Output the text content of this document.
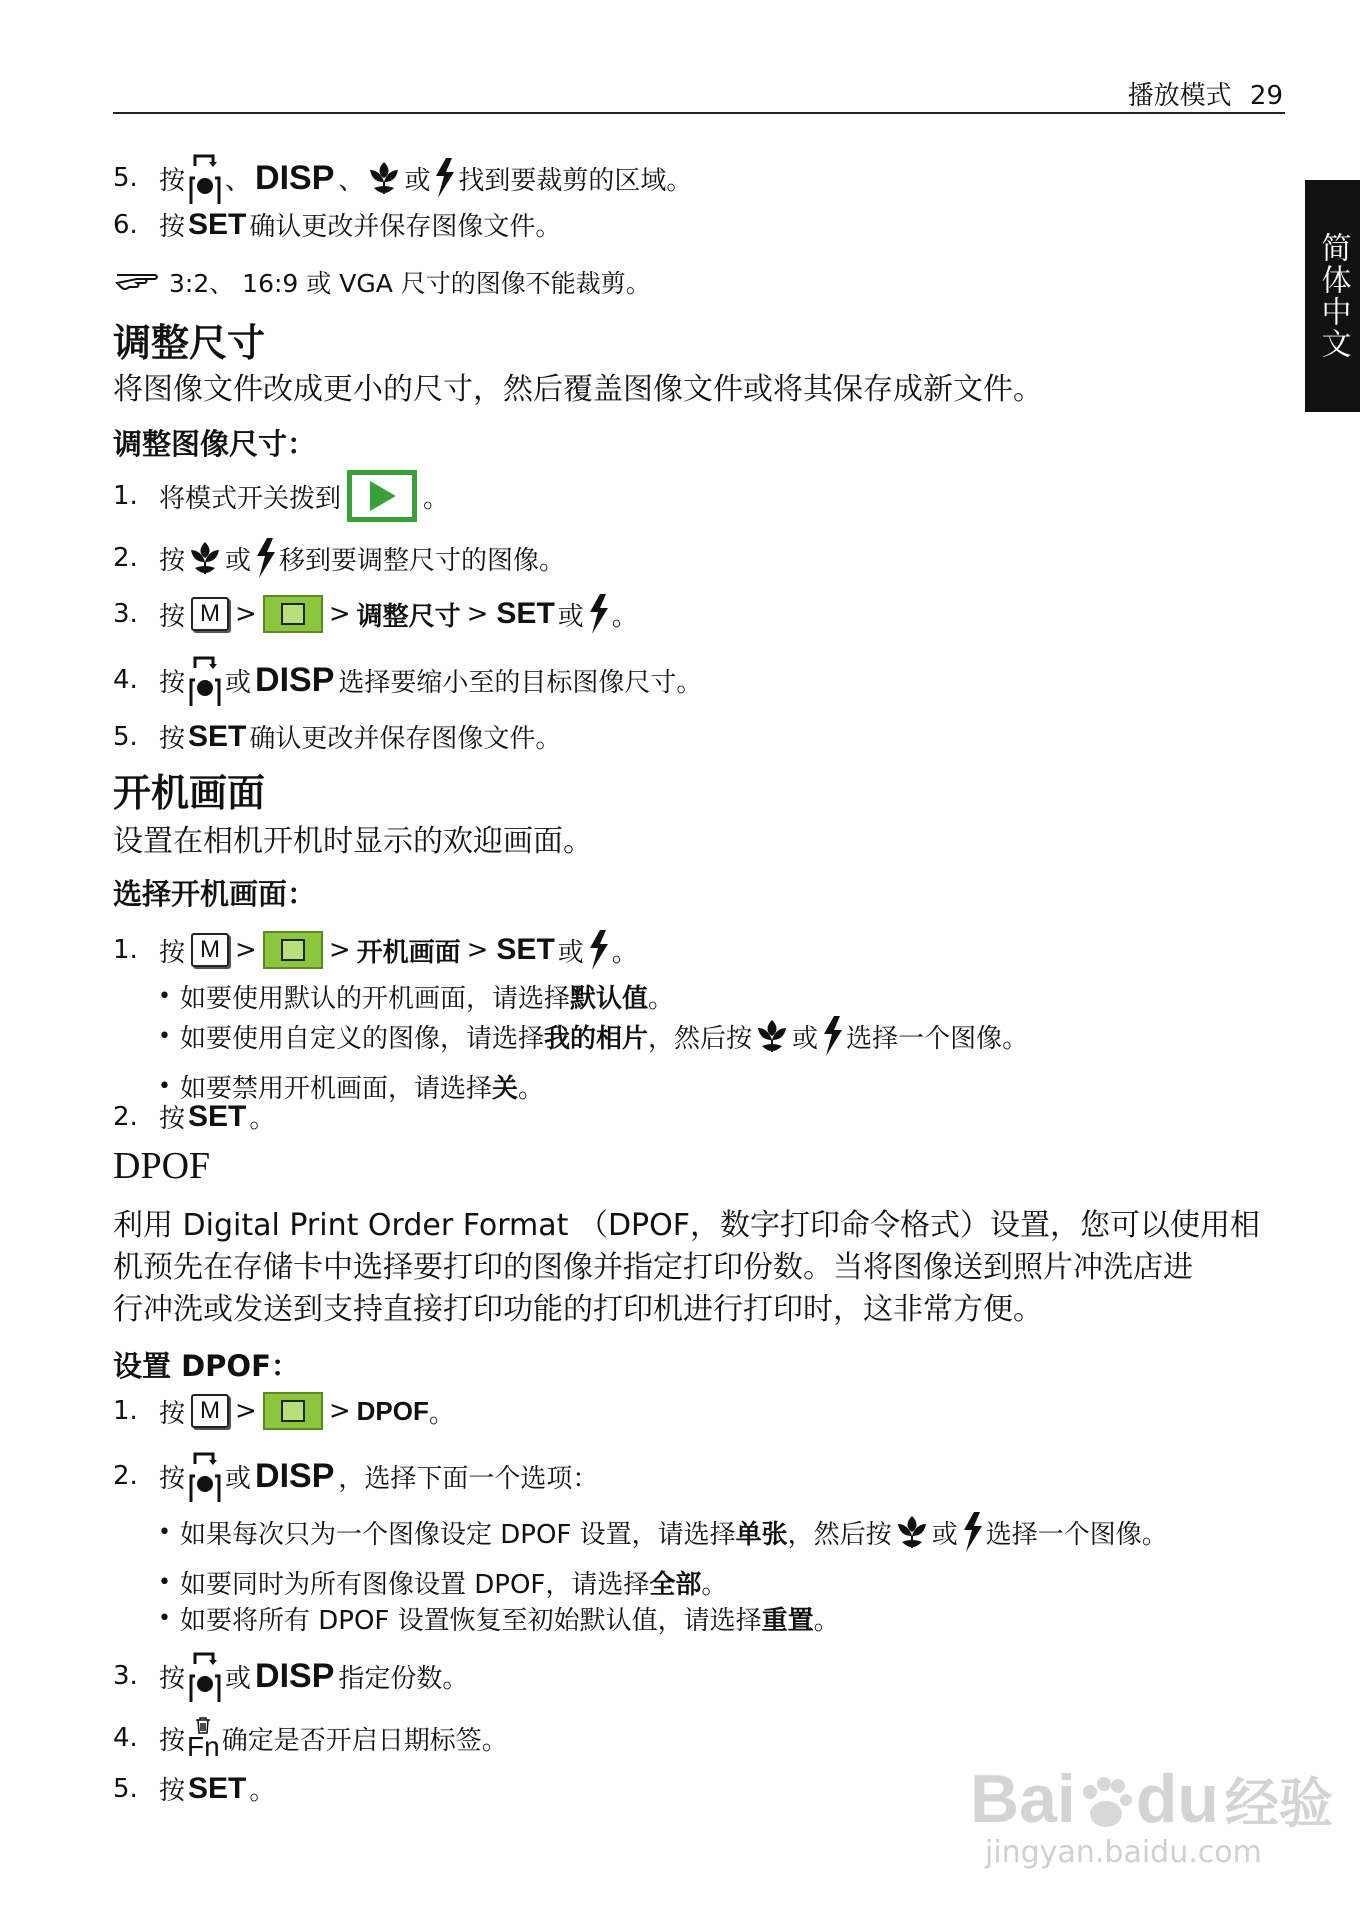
播放模式 29
简体中文
5. 按 、 DISP 、 或 找到要裁剪的区域。
6. 按 SET 确认更改并保存图像文件。
3:2、 16:9 或 VGA 尺寸的图像不能裁剪。
调整尺寸
将图像文件改成更小的尺寸，然后覆盖图像文件或将其保存成新文件。
调整图像尺寸：
1. 将模式开关拨到	。
2. 按 或 移到要调整尺寸的图像。
3. 按 M >	> 调整尺寸 > SET 或 。
4. 按 或 DISP 选择要缩小至的目标图像尺寸。
5. 按 SET 确认更改并保存图像文件。
开机画面
设置在相机开机时显示的欢迎画面。
选择开机画面：
1. 按 M >	> 开机画面 > SET 或 。
• 如要使用默认的开机画面，请选择 默认值 。
• 如要使用自定义的图像，请选择 我的相片 ，然后按 或 选择一个图像。
• 如要禁用开机画面，请选择 关 。
2. 按 SET 。
DPOF
利用 Digital Print Order Format （DPOF，数字打印命令格式）设置，您可以使用相
机预先在存储卡中选择要打印的图像并指定打印份数。当将图像送到照片冲洗店进
行冲洗或发送到支持直接打印功能的打印机进行打印时，这非常方便。
设置 DPOF：
1. 按 M >	> DPOF 。
2. 按 或 DISP ，选择下面一个选项：
• 如果每次只为一个图像设定 DPOF 设置，请选择 单张 ，然后按 或 选择一个图像。
• 如要同时为所有图像设置 DPOF，请选择 全部 。
• 如要将所有 DPOF 设置恢复至初始默认值，请选择 重置 。
3. 按 或 DISP 指定份数。
4. 按 Fn 确定是否开启日期标签。
5. 按 SET 。	Bai du 经验
jingyan.baidu.com
